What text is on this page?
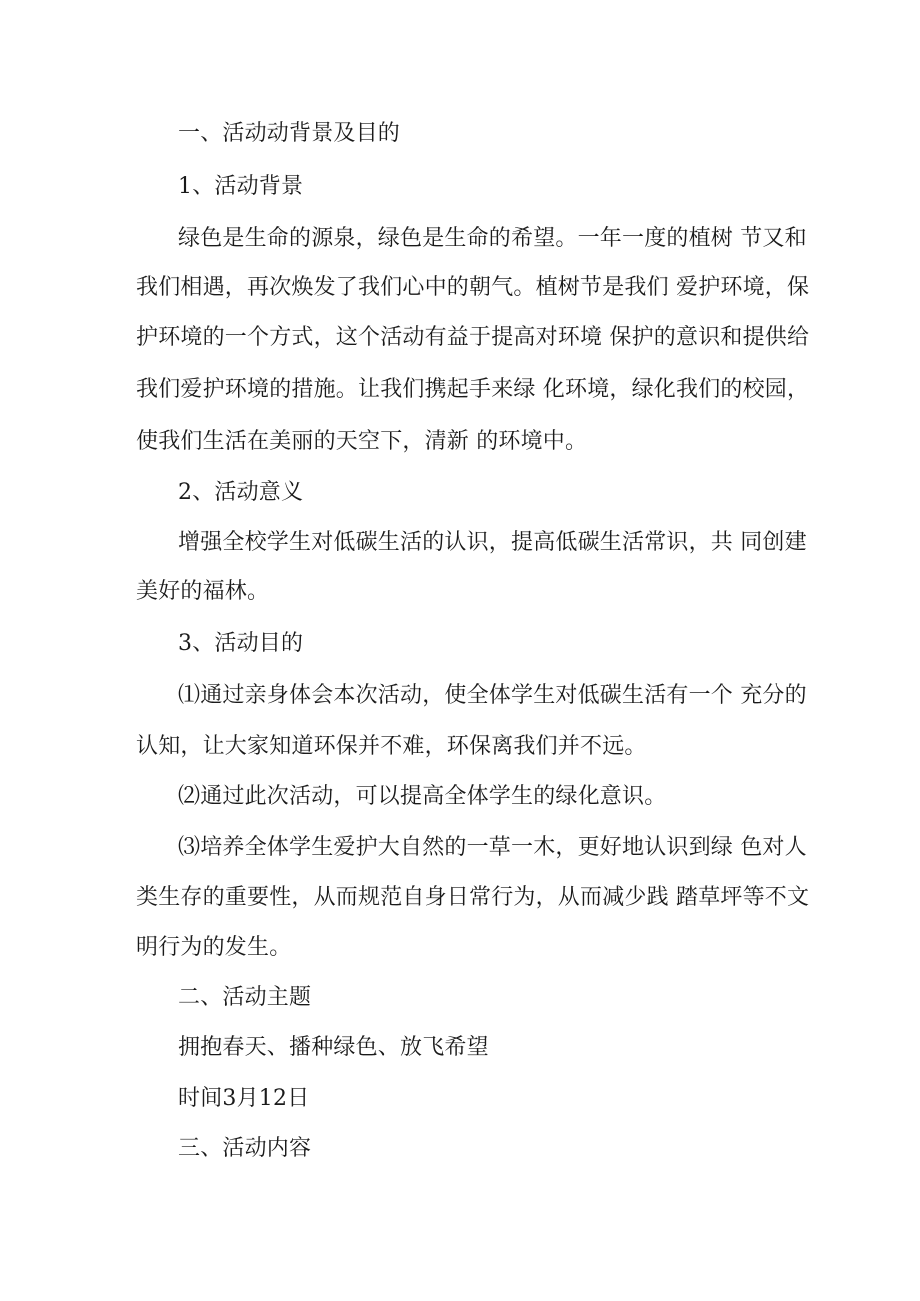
一、活动动背景及目的
1、活动背景
绿色是生命的源泉，绿色是生命的希望。一年一度的植树 节又和
我们相遇，再次焕发了我们心中的朝气。植树节是我们 爱护环境，保
护环境的一个方式，这个活动有益于提高对环境 保护的意识和提供给
我们爱护环境的措施。让我们携起手来绿 化环境，绿化我们的校园，
使我们生活在美丽的天空下，清新 的环境中。
2、活动意义
增强全校学生对低碳生活的认识，提高低碳生活常识，共 同创建
美好的福林。
3、活动目的
⑴通过亲身体会本次活动，使全体学生对低碳生活有一个 充分的
认知，让大家知道环保并不难，环保离我们并不远。
⑵通过此次活动，可以提高全体学生的绿化意识。
⑶培养全体学生爱护大自然的一草一木，更好地认识到绿 色对人
类生存的重要性，从而规范自身日常行为，从而减少践 踏草坪等不文
明行为的发生。
二、活动主题
拥抱春天、播种绿色、放飞希望
时间3月12日
三、活动内容
